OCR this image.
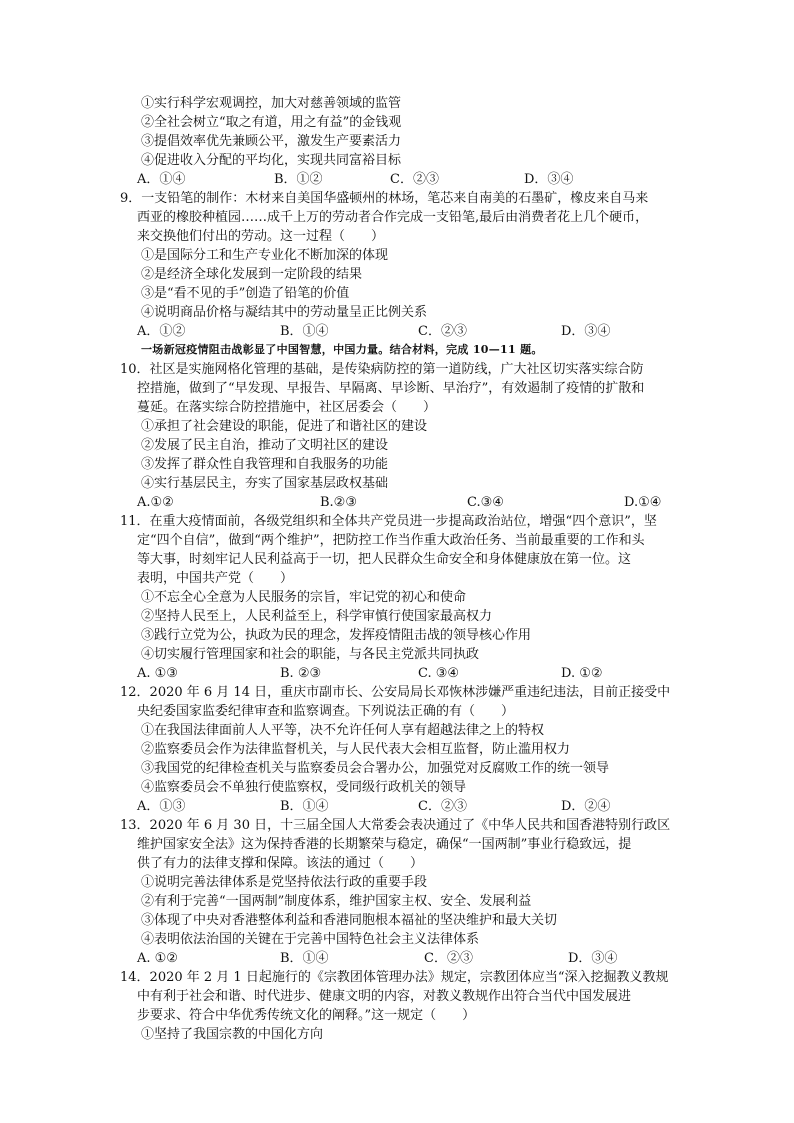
①实行科学宏观调控，加大对慈善领域的监管
②全社会树立“取之有道，用之有益”的金钱观
③提倡效率优先兼顾公平，激发生产要素活力
④促进收入分配的平均化，实现共同富裕目标
A．①④	B．①②	C．②③	D．③④
9．一支铅笔的制作：木材来自美国华盛顿州的林场，笔芯来自南美的石墨矿，橡皮来自马来
西亚的橡胶种植园……成千上万的劳动者合作完成一支铅笔,最后由消费者花上几个硬币，
来交换他们付出的劳动。这一过程（　　）
①是国际分工和生产专业化不断加深的体现
②是经济全球化发展到一定阶段的结果
③是“看不见的手”创造了铅笔的价值
④说明商品价格与凝结其中的劳动量呈正比例关系
A．①②	B．①④	C．②③	D．③④
一场新冠疫情阻击战彰显了中国智慧，中国力量。结合材料，完成 10—11 题。
10．社区是实施网格化管理的基础，是传染病防控的第一道防线，广大社区切实落实综合防
控措施，做到了“早发现、早报告、早隔离、早诊断、早治疗”，有效遏制了疫情的扩散和
蔓延。在落实综合防控措施中，社区居委会（　　）
①承担了社会建设的职能，促进了和谐社区的建设
②发展了民主自治，推动了文明社区的建设
③发挥了群众性自我管理和自我服务的功能
④实行基层民主，夯实了国家基层政权基础
A.①②	B.②③	C.③④	D.①④
11．在重大疫情面前，各级党组织和全体共产党员进一步提高政治站位，增强“四个意识”，坚
定“四个自信”，做到“两个维护”，把防控工作当作重大政治任务、当前最重要的工作和头
等大事，时刻牢记人民利益高于一切，把人民群众生命安全和身体健康放在第一位。这
表明，中国共产党（　　）
①不忘全心全意为人民服务的宗旨，牢记党的初心和使命
②坚持人民至上，人民利益至上，科学审慎行使国家最高权力
③践行立党为公，执政为民的理念，发挥疫情阻击战的领导核心作用
④切实履行管理国家和社会的职能，与各民主党派共同执政
A. ①③	B. ②③	C. ③④	D. ①②
12．2020 年 6 月 14 日，重庆市副市长、公安局局长邓恢林涉嫌严重违纪违法，目前正接受中
央纪委国家监委纪律审查和监察调查。下列说法正确的有（　　）
①在我国法律面前人人平等，决不允许任何人享有超越法律之上的特权
②监察委员会作为法律监督机关，与人民代表大会相互监督，防止滥用权力
③我国党的纪律检查机关与监察委员会合署办公，加强党对反腐败工作的统一领导
④监察委员会不单独行使监察权，受同级行政机关的领导
A．①③	B．①④	C．②③	D．②④
13．2020 年 6 月 30 日，十三届全国人大常委会表决通过了《中华人民共和国香港特别行政区
维护国家安全法》这为保持香港的长期繁荣与稳定，确保“一国两制”事业行稳致远，提
供了有力的法律支撑和保障。该法的通过（　　）
①说明完善法律体系是党坚持依法行政的重要手段
②有利于完善“一国两制”制度体系，维护国家主权、安全、发展利益
③体现了中央对香港整体利益和香港同胞根本福祉的坚决维护和最大关切
④表明依法治国的关键在于完善中国特色社会主义法律体系
A. ①②	B．①④	C．②③	D．③④
14．2020 年 2 月 1 日起施行的《宗教团体管理办法》规定，宗教团体应当“深入挖掘教义教规
中有利于社会和谐、时代进步、健康文明的内容，对教义教规作出符合当代中国发展进
步要求、符合中华优秀传统文化的阐释。”这一规定（　　）
①坚持了我国宗教的中国化方向
